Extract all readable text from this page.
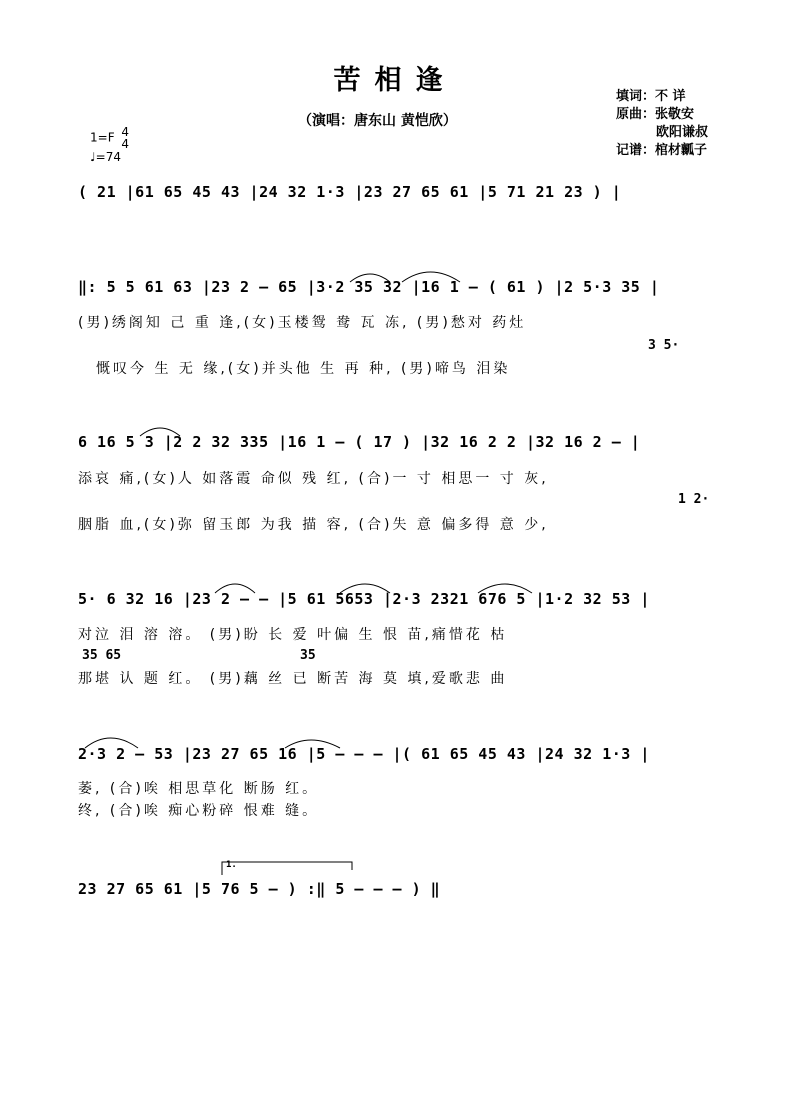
苦相逢
（演唱：唐东山 黄恺欣）
填词：不 详
原曲：张敬安
欧阳谦叔
记谱：棺材瓤子
1=F 4
4
♩=74
( 21 |61 65 45 43 |24 32 1·3 |23 27 65 61 |5 71 21 23 ) |
‖: 5 5 61 63 |23 2 – 65 |3·2 35 32 |16 1 – ( 61 ) |2 5·3 35 |
(男)绣阁知 己 重 逢,(女)玉楼鸳 鸯 瓦 冻, (男)愁对 药灶
慨叹今 生 无 缘,(女)并头他 生 再 种, (男)啼鸟 泪染
3 5·
6 16 5 3 |2 2 32 335 |16 1 – ( 17 ) |32 16 2 2 |32 16 2 – |
添哀 痛,(女)人 如落霞 命似 残 红, (合)一 寸 相思一 寸 灰,
胭脂 血,(女)弥 留玉郎 为我 描 容, (合)失 意 偏多得 意 少,
1 2·
5· 6 32 16 |23 2 – – |5 61 5653 |2·3 2321 676 5 |1·2 32 53 |
对泣 泪 溶 溶。 (男)盼 长 爱 叶偏 生 恨 苗,痛惜花 枯
35 65	35
那堪 认 题 红。 (男)藕 丝 已 断苦 海 莫 填,爱歌悲 曲
2·3 2 – 53 |23 27 65 16 |5 – – – |( 61 65 45 43 |24 32 1·3 |
萎, (合)唉 相思草化 断肠 红。
终, (合)唉 痴心粉碎 恨难 缝。
1.
23 27 65 61 |5 76 5 – ) :‖ 5 – – – ) ‖
